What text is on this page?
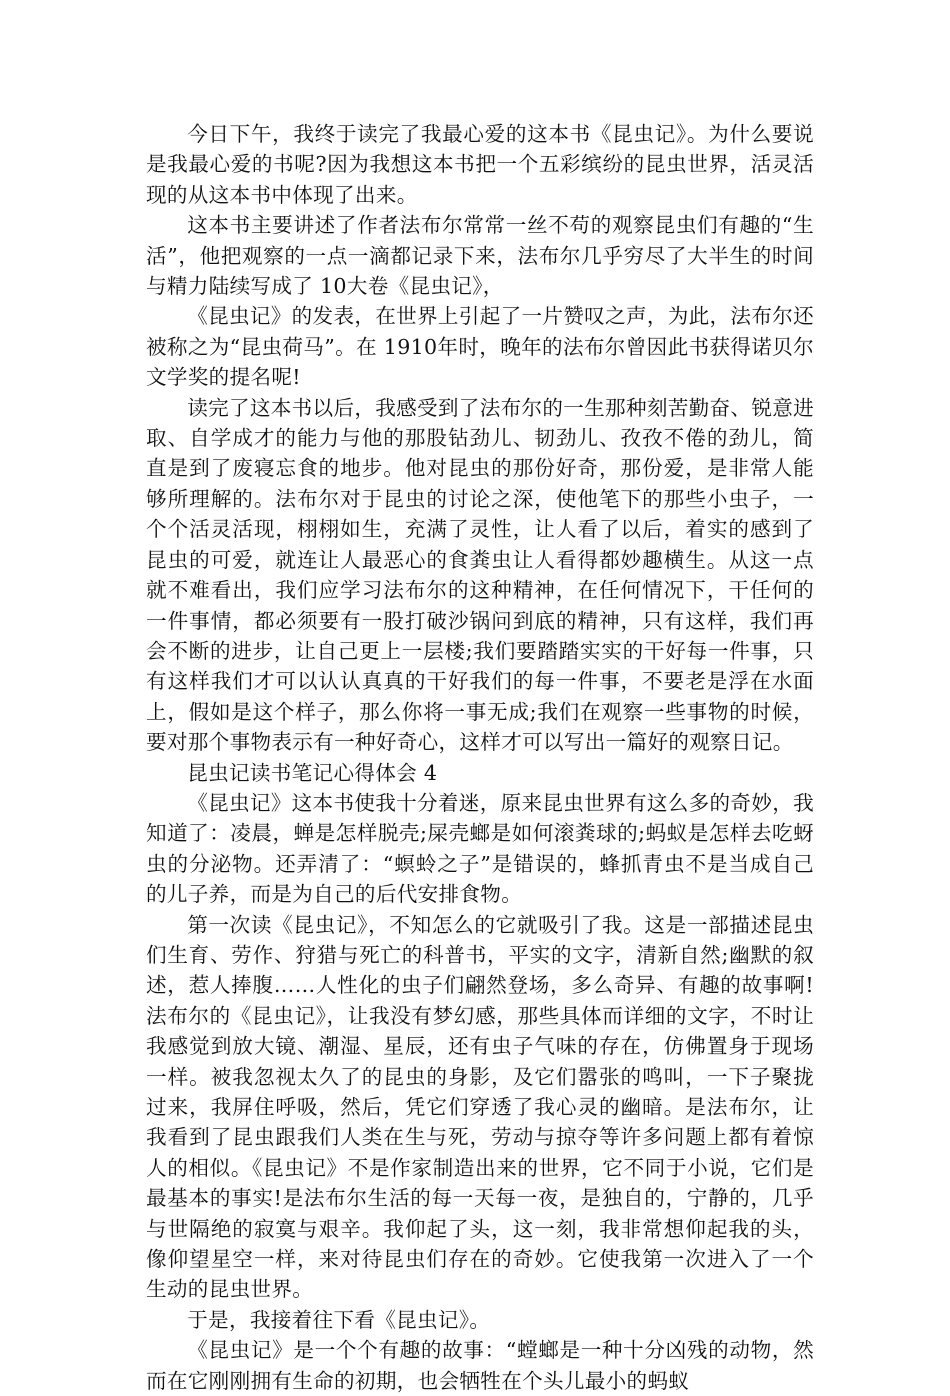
今日下午，我终于读完了我最心爱的这本书《昆虫记》。为什么要说是我最心爱的书呢?因为我想这本书把一个五彩缤纷的昆虫世界，活灵活现的从这本书中体现了出来。

这本书主要讲述了作者法布尔常常一丝不苟的观察昆虫们有趣的“生活”，他把观察的一点一滴都记录下来，法布尔几乎穷尽了大半生的时间与精力陆续写成了 10大卷《昆虫记》，

《昆虫记》的发表，在世界上引起了一片赞叹之声，为此，法布尔还被称之为“昆虫荷马”。在 1910年时，晚年的法布尔曾因此书获得诺贝尔文学奖的提名呢!

读完了这本书以后，我感受到了法布尔的一生那种刻苦勤奋、锐意进取、自学成才的能力与他的那股钻劲儿、韧劲儿、孜孜不倦的劲儿，简直是到了废寝忘食的地步。他对昆虫的那份好奇，那份爱，是非常人能够所理解的。法布尔对于昆虫的讨论之深，使他笔下的那些小虫子，一个个活灵活现，栩栩如生，充满了灵性，让人看了以后，着实的感到了昆虫的可爱，就连让人最恶心的食粪虫让人看得都妙趣横生。从这一点就不难看出，我们应学习法布尔的这种精神，在任何情况下，干任何的一件事情，都必须要有一股打破沙锅问到底的精神，只有这样，我们再会不断的进步，让自己更上一层楼;我们要踏踏实实的干好每一件事，只有这样我们才可以认认真真的干好我们的每一件事，不要老是浮在水面上，假如是这个样子，那么你将一事无成;我们在观察一些事物的时候，要对那个事物表示有一种好奇心，这样才可以写出一篇好的观察日记。

昆虫记读书笔记心得体会 4

《昆虫记》这本书使我十分着迷，原来昆虫世界有这么多的奇妙，我知道了：凌晨，蝉是怎样脱壳;屎壳螂是如何滚粪球的;蚂蚁是怎样去吃蚜虫的分泌物。还弄清了：“螟蛉之子”是错误的，蜂抓青虫不是当成自己的儿子养，而是为自己的后代安排食物。

第一次读《昆虫记》，不知怎么的它就吸引了我。这是一部描述昆虫们生育、劳作、狩猎与死亡的科普书，平实的文字，清新自然;幽默的叙述，惹人捧腹……人性化的虫子们翩然登场，多么奇异、有趣的故事啊!法布尔的《昆虫记》，让我没有梦幻感，那些具体而详细的文字，不时让我感觉到放大镜、潮湿、星辰，还有虫子气味的存在，仿佛置身于现场一样。被我忽视太久了的昆虫的身影，及它们嚣张的鸣叫，一下子聚拢过来，我屏住呼吸，然后，凭它们穿透了我心灵的幽暗。是法布尔，让我看到了昆虫跟我们人类在生与死，劳动与掠夺等许多问题上都有着惊人的相似。《昆虫记》不是作家制造出来的世界，它不同于小说，它们是最基本的事实!是法布尔生活的每一天每一夜，是独自的，宁静的，几乎与世隔绝的寂寞与艰辛。我仰起了头，这一刻，我非常想仰起我的头，像仰望星空一样，来对待昆虫们存在的奇妙。它使我第一次进入了一个生动的昆虫世界。

于是，我接着往下看《昆虫记》。

《昆虫记》是一个个有趣的故事：“螳螂是一种十分凶残的动物，然而在它刚刚拥有生命的初期，也会牺牲在个头儿最小的蚂蚁
